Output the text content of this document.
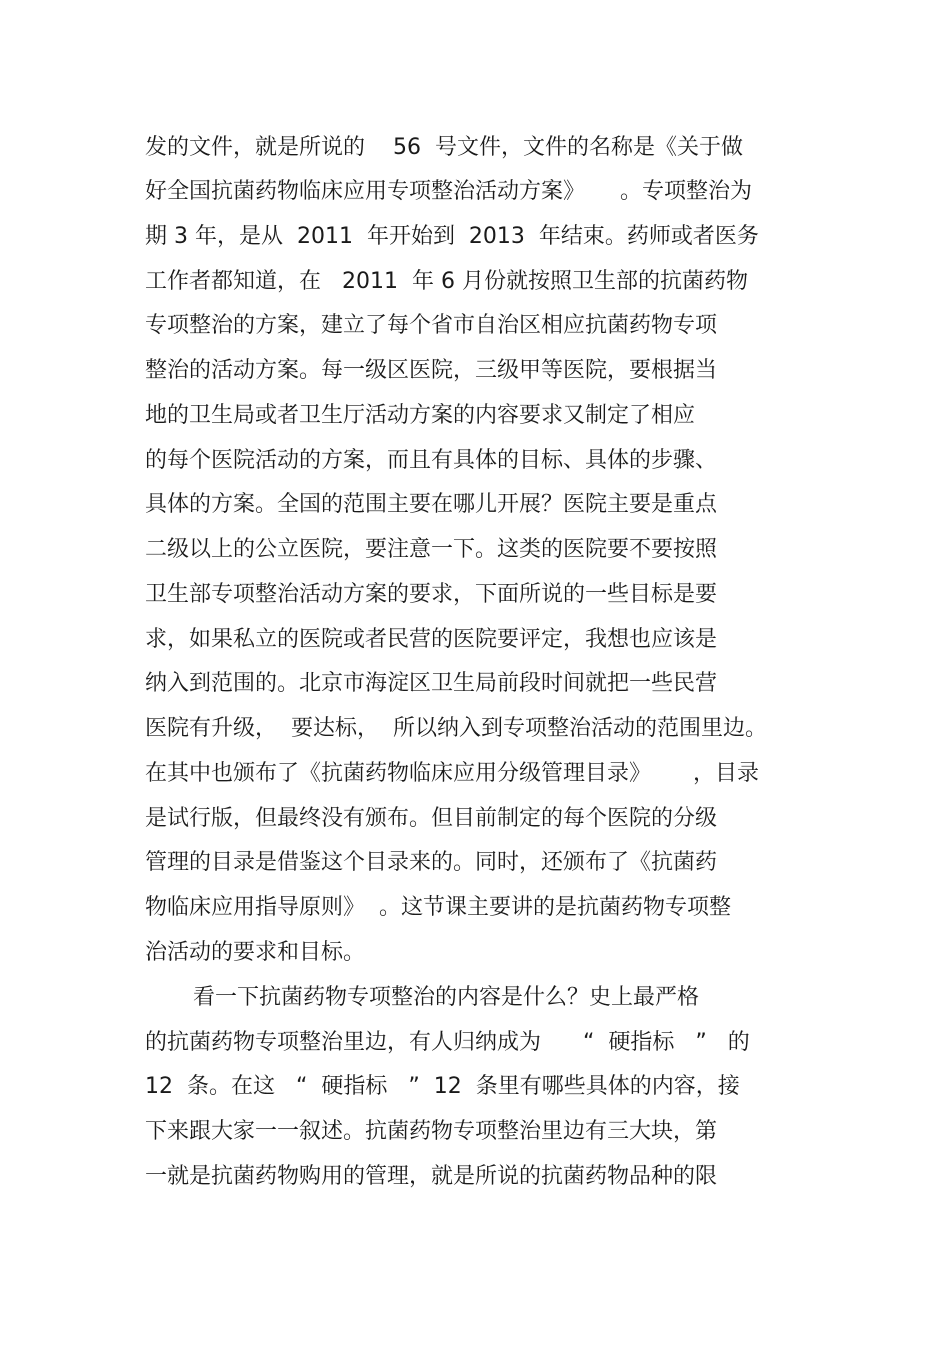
发的文件，就是所说的    56  号文件，文件的名称是《关于做
好全国抗菌药物临床应用专项整治活动方案》     。专项整治为
期 3 年，是从  2011  年开始到  2013  年结束。药师或者医务
工作者都知道，在   2011  年 6 月份就按照卫生部的抗菌药物
专项整治的方案，建立了每个省市自治区相应抗菌药物专项
整治的活动方案。每一级区医院，三级甲等医院，要根据当
地的卫生局或者卫生厅活动方案的内容要求又制定了相应
的每个医院活动的方案，而且有具体的目标、具体的步骤、
具体的方案。全国的范围主要在哪儿开展？医院主要是重点
二级以上的公立医院，要注意一下。这类的医院要不要按照
卫生部专项整治活动方案的要求，下面所说的一些目标是要
求，如果私立的医院或者民营的医院要评定，我想也应该是
纳入到范围的。北京市海淀区卫生局前段时间就把一些民营
医院有升级，  要达标，  所以纳入到专项整治活动的范围里边。
在其中也颁布了《抗菌药物临床应用分级管理目录》      ，目录
是试行版，但最终没有颁布。但目前制定的每个医院的分级
管理的目录是借鉴这个目录来的。同时，还颁布了《抗菌药
物临床应用指导原则》  。这节课主要讲的是抗菌药物专项整
治活动的要求和目标。
看一下抗菌药物专项整治的内容是什么？史上最严格
的抗菌药物专项整治里边，有人归纳成为      “  硬指标   ”   的
12  条。在这   “  硬指标   ”  12  条里有哪些具体的内容，接
下来跟大家一一叙述。抗菌药物专项整治里边有三大块，第
一就是抗菌药物购用的管理，就是所说的抗菌药物品种的限
